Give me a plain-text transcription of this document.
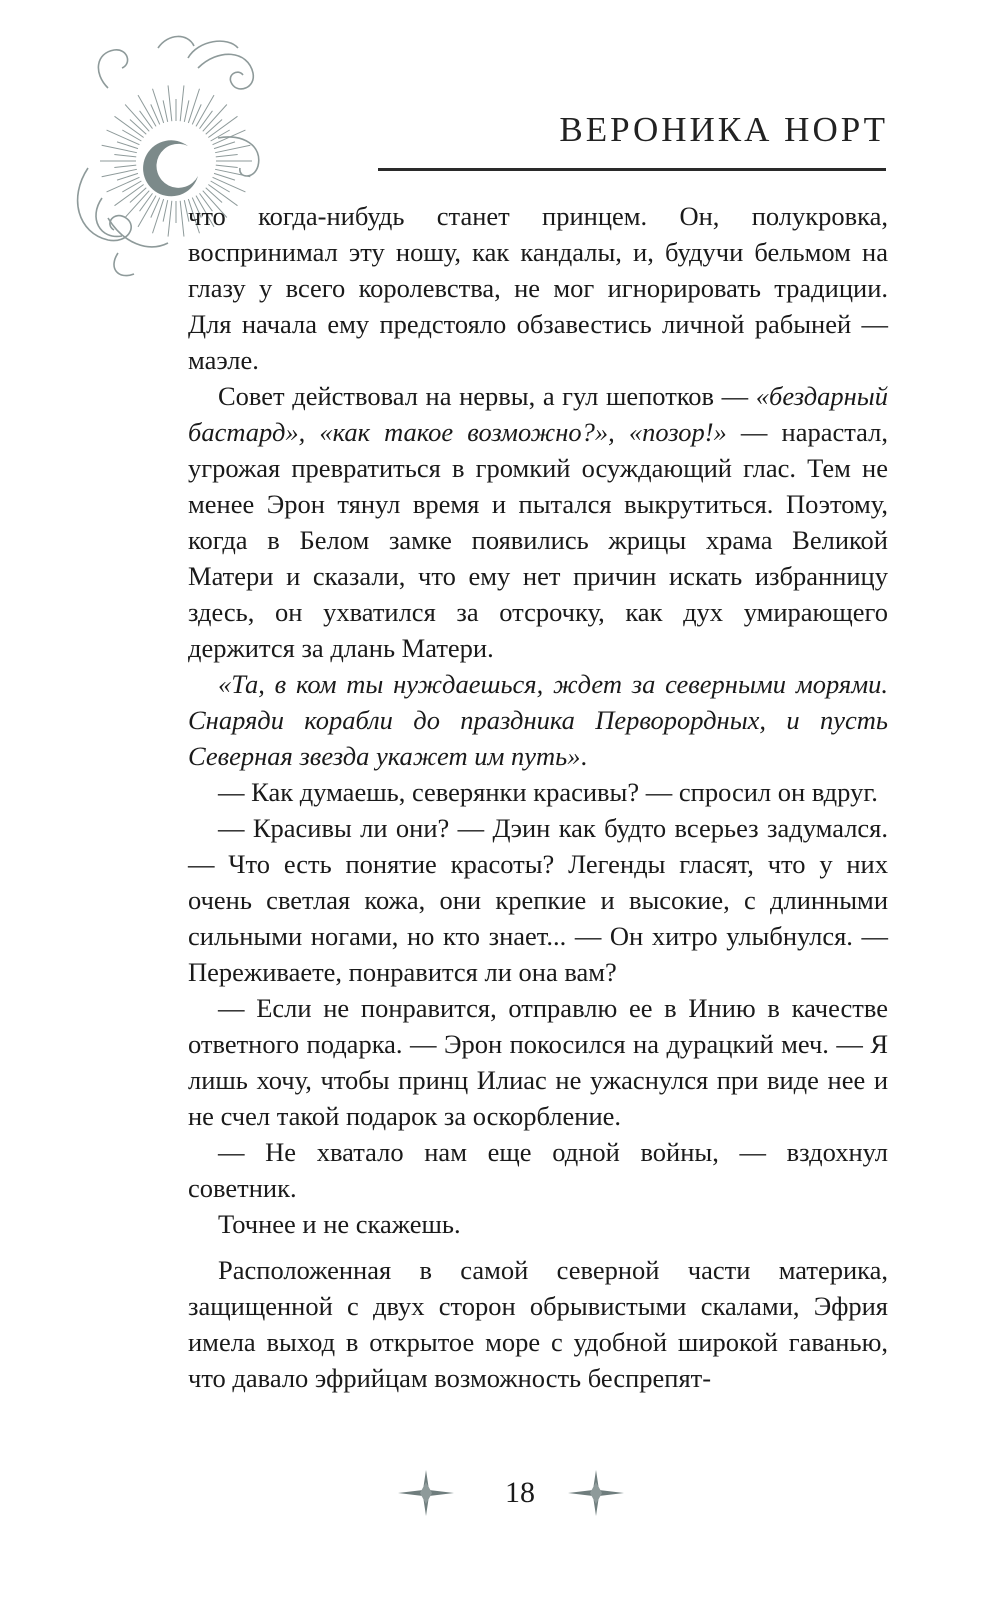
ВЕРОНИКА НОРТ

что когда-нибудь станет принцем. Он, полукровка, воспринимал эту ношу, как кандалы, и, будучи бельмом на глазу у всего королевства, не мог игнорировать традиции. Для начала ему предстояло обзавестись личной рабыней — маэле.

Совет действовал на нервы, а гул шепотков — «бездарный бастард», «как такое возможно?», «позор!» — нарастал, угрожая превратиться в громкий осуждающий глас. Тем не менее Эрон тянул время и пытался выкрутиться. Поэтому, когда в Белом замке появились жрицы храма Великой Матери и сказали, что ему нет причин искать избранницу здесь, он ухватился за отсрочку, как дух умирающего держится за длань Матери.

«Та, в ком ты нуждаешься, ждет за северными морями. Снаряди корабли до праздника Перворордных, и пусть Северная звезда укажет им путь».

— Как думаешь, северянки красивы? — спросил он вдруг.

— Красивы ли они? — Дэин как будто всерьез задумался. — Что есть понятие красоты? Легенды гласят, что у них очень светлая кожа, они крепкие и высокие, с длинными сильными ногами, но кто знает... — Он хитро улыбнулся. — Переживаете, понравится ли она вам?

— Если не понравится, отправлю ее в Инию в качестве ответного подарка. — Эрон покосился на дурацкий меч. — Я лишь хочу, чтобы принц Илиас не ужаснулся при виде нее и не счел такой подарок за оскорбление.

— Не хватало нам еще одной войны, — вздохнул советник.

Точнее и не скажешь.

Расположенная в самой северной части материка, защищенной с двух сторон обрывистыми скалами, Эфрия имела выход в открытое море с удобной широкой гаванью, что давало эфрийцам возможность беспрепят-

18
